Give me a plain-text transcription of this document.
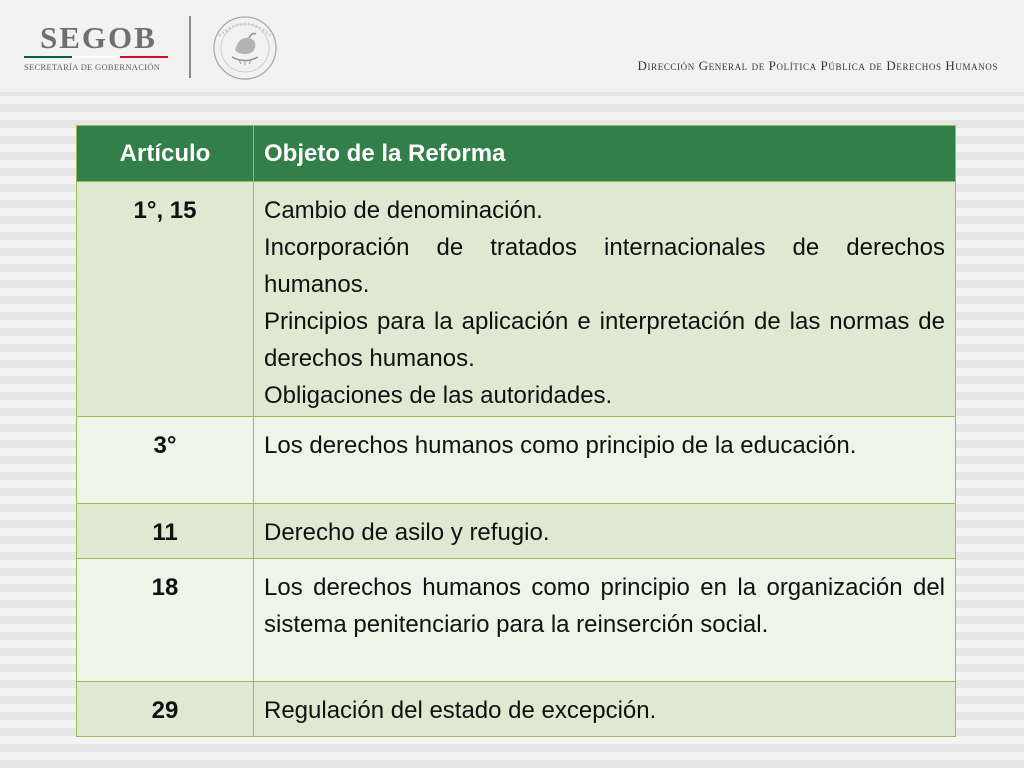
SEGOB
SECRETARÍA DE GOBERNACIÓN	Dirección General de Política Pública de Derechos Humanos
Artículo	Objeto de la Reforma
1°, 15	Cambio de denominación.
Incorporación de tratados internacionales de derechos humanos.
Principios para la aplicación e interpretación de las normas de derechos humanos.
Obligaciones de las autoridades.

3°	Los derechos humanos como principio de la educación.

11	Derecho de asilo y refugio.

18	Los derechos humanos como principio en la organización del sistema penitenciario para la reinserción social.

29	Regulación del estado de excepción.
